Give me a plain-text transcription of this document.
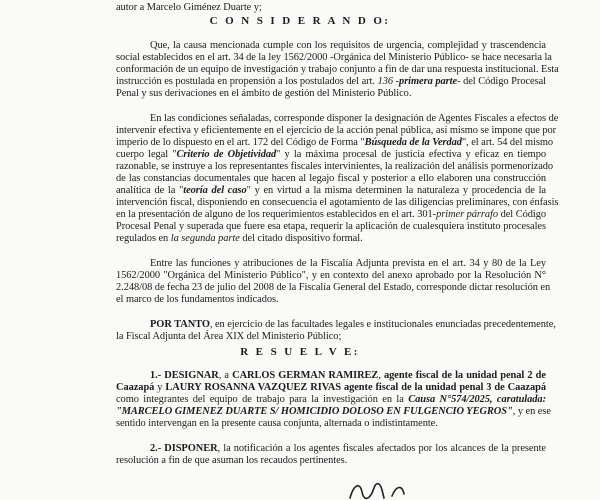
autor a Marcelo Giménez Duarte y;
C O N S I D E R A N D O:
Que, la causa mencionada cumple con los requisitos de urgencia, complejidad y trascendencia
social establecidos en el art. 34 de la ley 1562/2000 -Orgánica del Ministerio Público- se hace necesaria la
conformación de un equipo de investigación y trabajo conjunto a fin de dar una respuesta institucional. Esta
instrucción es postulada en propensión a los postulados del art. 136 -primera parte- del Código Procesal
Penal y sus derivaciones en el ámbito de gestión del Ministerio Público.
En las condiciones señaladas, corresponde disponer la designación de Agentes Fiscales a efectos de
intervenir efectiva y eficientemente en el ejercicio de la acción penal pública, así mismo se impone que por
imperio de lo dispuesto en el art. 172 del Código de Forma "Búsqueda de la Verdad", el art. 54 del mismo
cuerpo legal "Criterio de Objetividad" y la máxima procesal de justicia efectiva y eficaz en tiempo
razonable, se instruye a los representantes fiscales intervinientes, la realización del análisis pormenorizado
de las constancias documentales que hacen al legajo fiscal y posterior a ello elaboren una construcción
analítica de la "teoría del caso" y en virtud a la misma determinen la naturaleza y procedencia de la
intervención fiscal, disponiendo en consecuencia el agotamiento de las diligencias preliminares, con énfasis
en la presentación de alguno de los requerimientos establecidos en el art. 301-primer párrafo del Código
Procesal Penal y superada que fuere esa etapa, requerir la aplicación de cualesquiera instituto procesales
regulados en la segunda parte del citado dispositivo formal.
Entre las funciones y atribuciones de la Fiscalía Adjunta prevista en el art. 34 y 80 de la Ley
1562/2000 "Orgánica del Ministerio Público", y en contexto del anexo aprobado por la Resolución N°
2.248/08 de fecha 23 de julio del 2008 de la Fiscalía General del Estado, corresponde dictar resolución en
el marco de los fundamentos indicados.
POR TANTO, en ejercicio de las facultades legales e institucionales enunciadas precedentemente,
la Fiscal Adjunta del Área XIX del Ministerio Público;
R E S U E L V E:
1.- DESIGNAR, a CARLOS GERMAN RAMIREZ, agente fiscal de la unidad penal 2 de
Caazapá y LAURY ROSANNA VAZQUEZ RIVAS agente fiscal de la unidad penal 3 de Caazapá
como integrantes del equipo de trabajo para la investigación en la Causa N°574/2025, caratulada:
"MARCELO GIMENEZ DUARTE S/ HOMICIDIO DOLOSO EN FULGENCIO YEGROS", y en ese
sentido intervengan en la presente causa conjunta, alternada o indistintamente.
2.- DISPONER, la notificación a los agentes fiscales afectados por los alcances de la presente
resolución a fin de que asuman los recaudos pertinentes.
